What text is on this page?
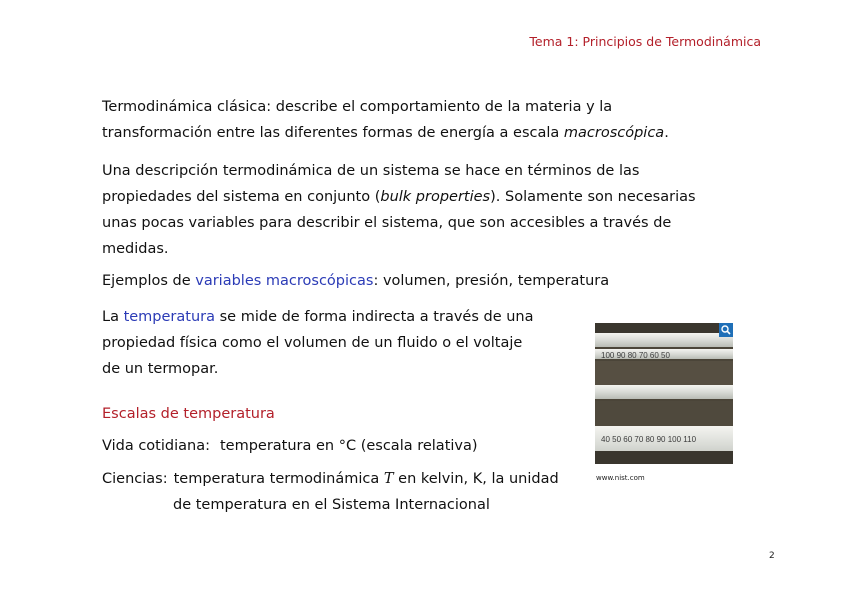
Tema 1: Principios de Termodinámica
Termodinámica clásica: describe el comportamiento de la materia y la
transformación entre las diferentes formas de energía a escala macroscópica.
Una descripción termodinámica de un sistema se hace en términos de las
propiedades del sistema en conjunto (bulk properties). Solamente son necesarias
unas pocas variables para describir el sistema, que son accesibles a través de
medidas.
Ejemplos de variables macroscópicas: volumen, presión, temperatura
La temperatura se mide de forma indirecta a través de una
propiedad física como el volumen de un fluido o el voltaje
de un termopar.
Escalas de temperatura
Vida cotidiana: temperatura en °C (escala relativa)
Ciencias: temperatura termodinámica T en kelvin, K, la unidad
de temperatura en el Sistema Internacional
100 90 80 70 60 50
40 50 60 70 80 90 100 110
www.nist.com
2
